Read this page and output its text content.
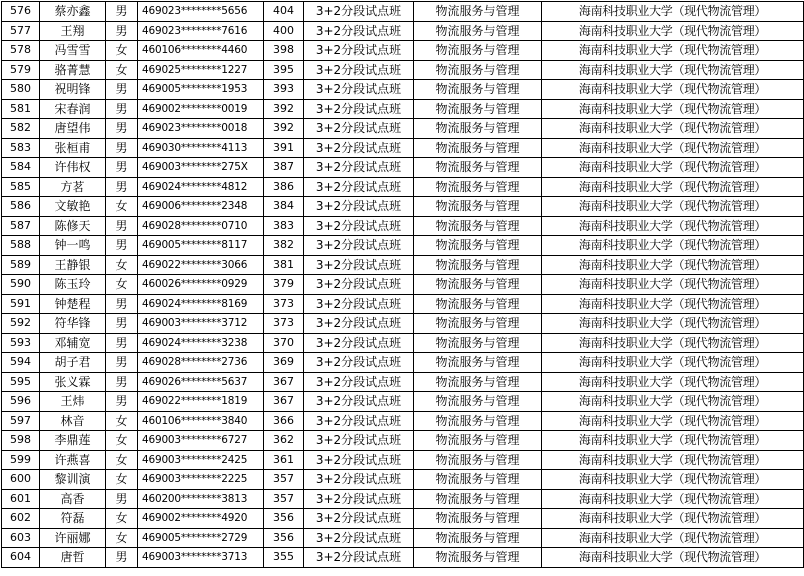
576	蔡亦鑫	男	469023********5656	404	3+2分段试点班	物流服务与管理	海南科技职业大学（现代物流管理）
577	王翔	男	469023********7616	400	3+2分段试点班	物流服务与管理	海南科技职业大学（现代物流管理）
578	冯雪雪	女	460106********4460	398	3+2分段试点班	物流服务与管理	海南科技职业大学（现代物流管理）
579	骆菁慧	女	469025********1227	395	3+2分段试点班	物流服务与管理	海南科技职业大学（现代物流管理）
580	祝明锋	男	469005********1953	393	3+2分段试点班	物流服务与管理	海南科技职业大学（现代物流管理）
581	宋春润	男	469002********0019	392	3+2分段试点班	物流服务与管理	海南科技职业大学（现代物流管理）
582	唐望伟	男	469023********0018	392	3+2分段试点班	物流服务与管理	海南科技职业大学（现代物流管理）
583	张桓甫	男	469030********4113	391	3+2分段试点班	物流服务与管理	海南科技职业大学（现代物流管理）
584	许伟权	男	469003********275X	387	3+2分段试点班	物流服务与管理	海南科技职业大学（现代物流管理）
585	方茗	男	469024********4812	386	3+2分段试点班	物流服务与管理	海南科技职业大学（现代物流管理）
586	文敏艳	女	469006********2348	384	3+2分段试点班	物流服务与管理	海南科技职业大学（现代物流管理）
587	陈修天	男	469028********0710	383	3+2分段试点班	物流服务与管理	海南科技职业大学（现代物流管理）
588	钟一鸣	男	469005********8117	382	3+2分段试点班	物流服务与管理	海南科技职业大学（现代物流管理）
589	王静银	女	469022********3066	381	3+2分段试点班	物流服务与管理	海南科技职业大学（现代物流管理）
590	陈玉玲	女	460026********0929	379	3+2分段试点班	物流服务与管理	海南科技职业大学（现代物流管理）
591	钟楚程	男	469024********8169	373	3+2分段试点班	物流服务与管理	海南科技职业大学（现代物流管理）
592	符华锋	男	469003********3712	373	3+2分段试点班	物流服务与管理	海南科技职业大学（现代物流管理）
593	邓辅宽	男	469024********3238	370	3+2分段试点班	物流服务与管理	海南科技职业大学（现代物流管理）
594	胡子君	男	469028********2736	369	3+2分段试点班	物流服务与管理	海南科技职业大学（现代物流管理）
595	张义霖	男	469026********5637	367	3+2分段试点班	物流服务与管理	海南科技职业大学（现代物流管理）
596	王炜	男	469022********1819	367	3+2分段试点班	物流服务与管理	海南科技职业大学（现代物流管理）
597	林音	女	460106********3840	366	3+2分段试点班	物流服务与管理	海南科技职业大学（现代物流管理）
598	李鼎莲	女	469003********6727	362	3+2分段试点班	物流服务与管理	海南科技职业大学（现代物流管理）
599	许燕喜	女	469003********2425	361	3+2分段试点班	物流服务与管理	海南科技职业大学（现代物流管理）
600	黎训演	女	469003********2225	357	3+2分段试点班	物流服务与管理	海南科技职业大学（现代物流管理）
601	高香	男	460200********3813	357	3+2分段试点班	物流服务与管理	海南科技职业大学（现代物流管理）
602	符磊	女	469002********4920	356	3+2分段试点班	物流服务与管理	海南科技职业大学（现代物流管理）
603	许丽娜	女	469005********2729	356	3+2分段试点班	物流服务与管理	海南科技职业大学（现代物流管理）
604	唐哲	男	469003********3713	355	3+2分段试点班	物流服务与管理	海南科技职业大学（现代物流管理）
